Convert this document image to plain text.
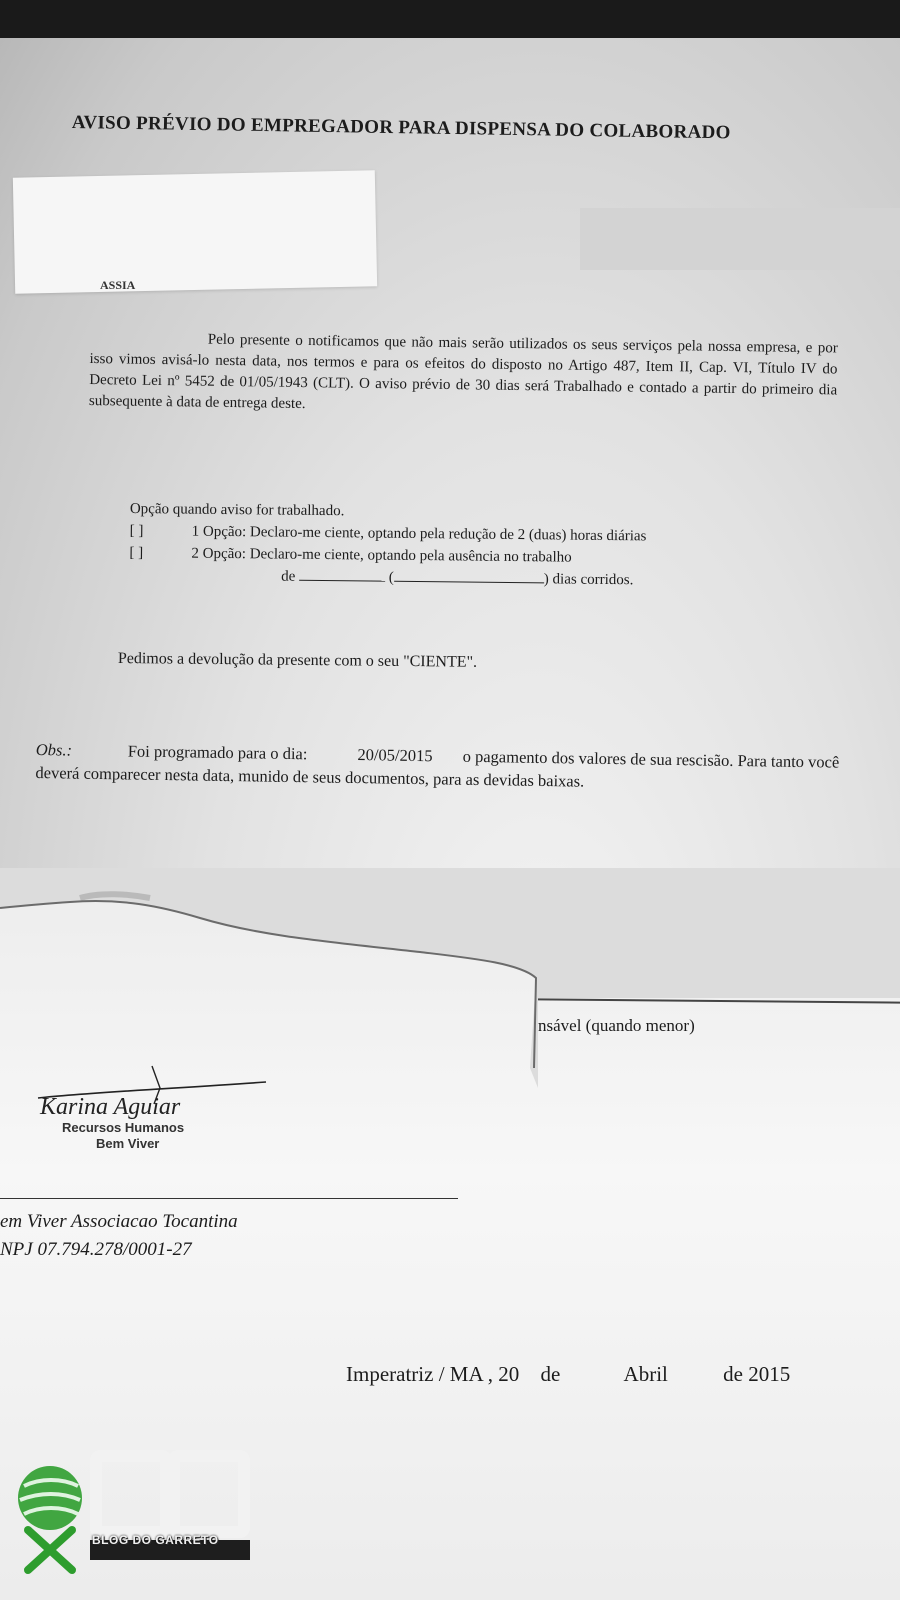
AVISO PRÉVIO DO EMPREGADOR PARA DISPENSA DO COLABORADO
ASSIA
Pelo presente o notificamos que não mais serão utilizados os seus serviços pela nossa empresa, e por isso vimos avisá-lo nesta data, nos termos e para os efeitos do disposto no Artigo 487, Item II, Cap. VI, Título IV do Decreto Lei nº 5452 de 01/05/1943 (CLT). O aviso prévio de 30 dias será Trabalhado e contado a partir do primeiro dia subsequente à data de entrega deste.
Opção quando aviso for trabalhado.
[ ]	1 Opção: Declaro-me ciente, optando pela redução de 2 (duas) horas diárias
[ ]	2 Opção: Declaro-me ciente, optando pela ausência no trabalho
de	(	) dias corridos.
Pedimos a devolução da presente com o seu "CIENTE".
Obs.:	Foi programado para o dia:	20/05/2015 o pagamento dos valores de sua rescisão. Para tanto você deverá comparecer nesta data, munido de seus documentos, para as devidas baixas.
nsável (quando menor)
Karina Aguiar
Recursos Humanos
Bem Viver
em Viver Associacao Tocantina
NPJ 07.794.278/0001-27
Imperatriz / MA , 20 de	Abril	de 2015
BLOG DO GARRETO
